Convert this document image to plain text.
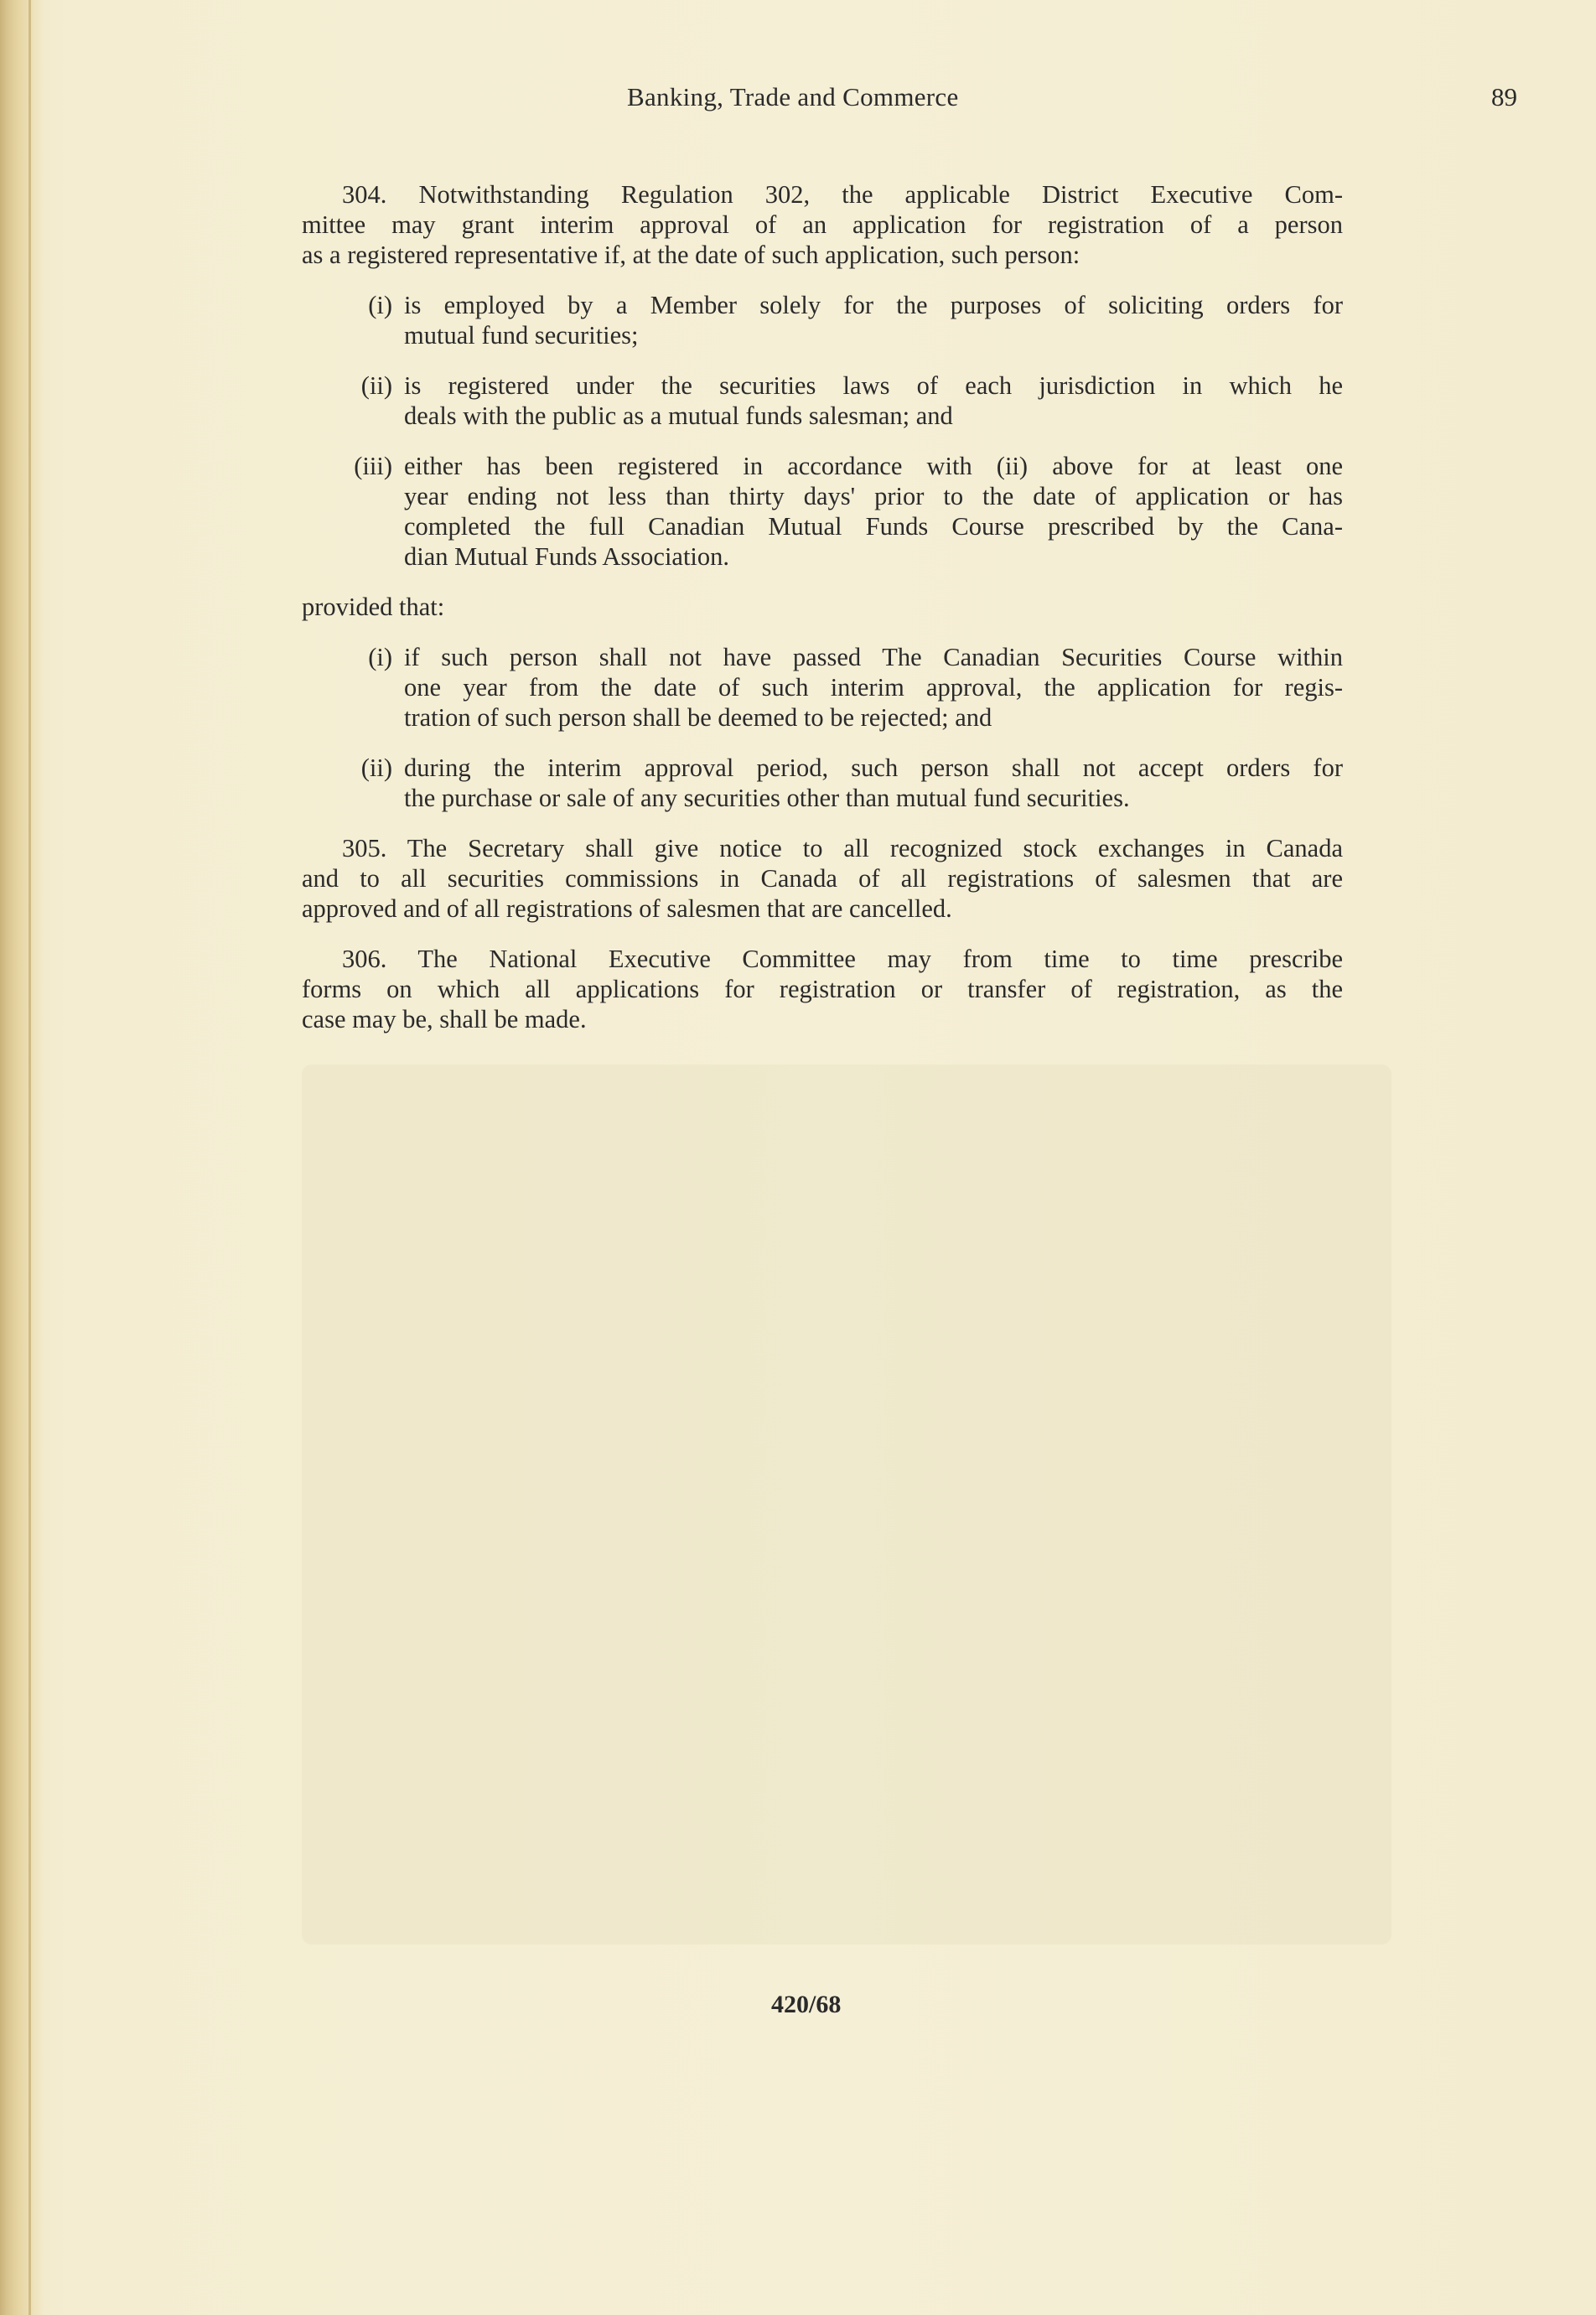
Banking, Trade and Commerce	89
304. Notwithstanding Regulation 302, the applicable District Executive Com-
mittee may grant interim approval of an application for registration of a person
as a registered representative if, at the date of such application, such person:
(i) is employed by a Member solely for the purposes of soliciting orders for
mutual fund securities;
(ii) is registered under the securities laws of each jurisdiction in which he
deals with the public as a mutual funds salesman; and
(iii) either has been registered in accordance with (ii) above for at least one
year ending not less than thirty days' prior to the date of application or has
completed the full Canadian Mutual Funds Course prescribed by the Cana-
dian Mutual Funds Association.
provided that:
(i) if such person shall not have passed The Canadian Securities Course within
one year from the date of such interim approval, the application for regis-
tration of such person shall be deemed to be rejected; and
(ii) during the interim approval period, such person shall not accept orders for
the purchase or sale of any securities other than mutual fund securities.
305. The Secretary shall give notice to all recognized stock exchanges in Canada
and to all securities commissions in Canada of all registrations of salesmen that are
approved and of all registrations of salesmen that are cancelled.
306. The National Executive Committee may from time to time prescribe
forms on which all applications for registration or transfer of registration, as the
case may be, shall be made.
420/68
